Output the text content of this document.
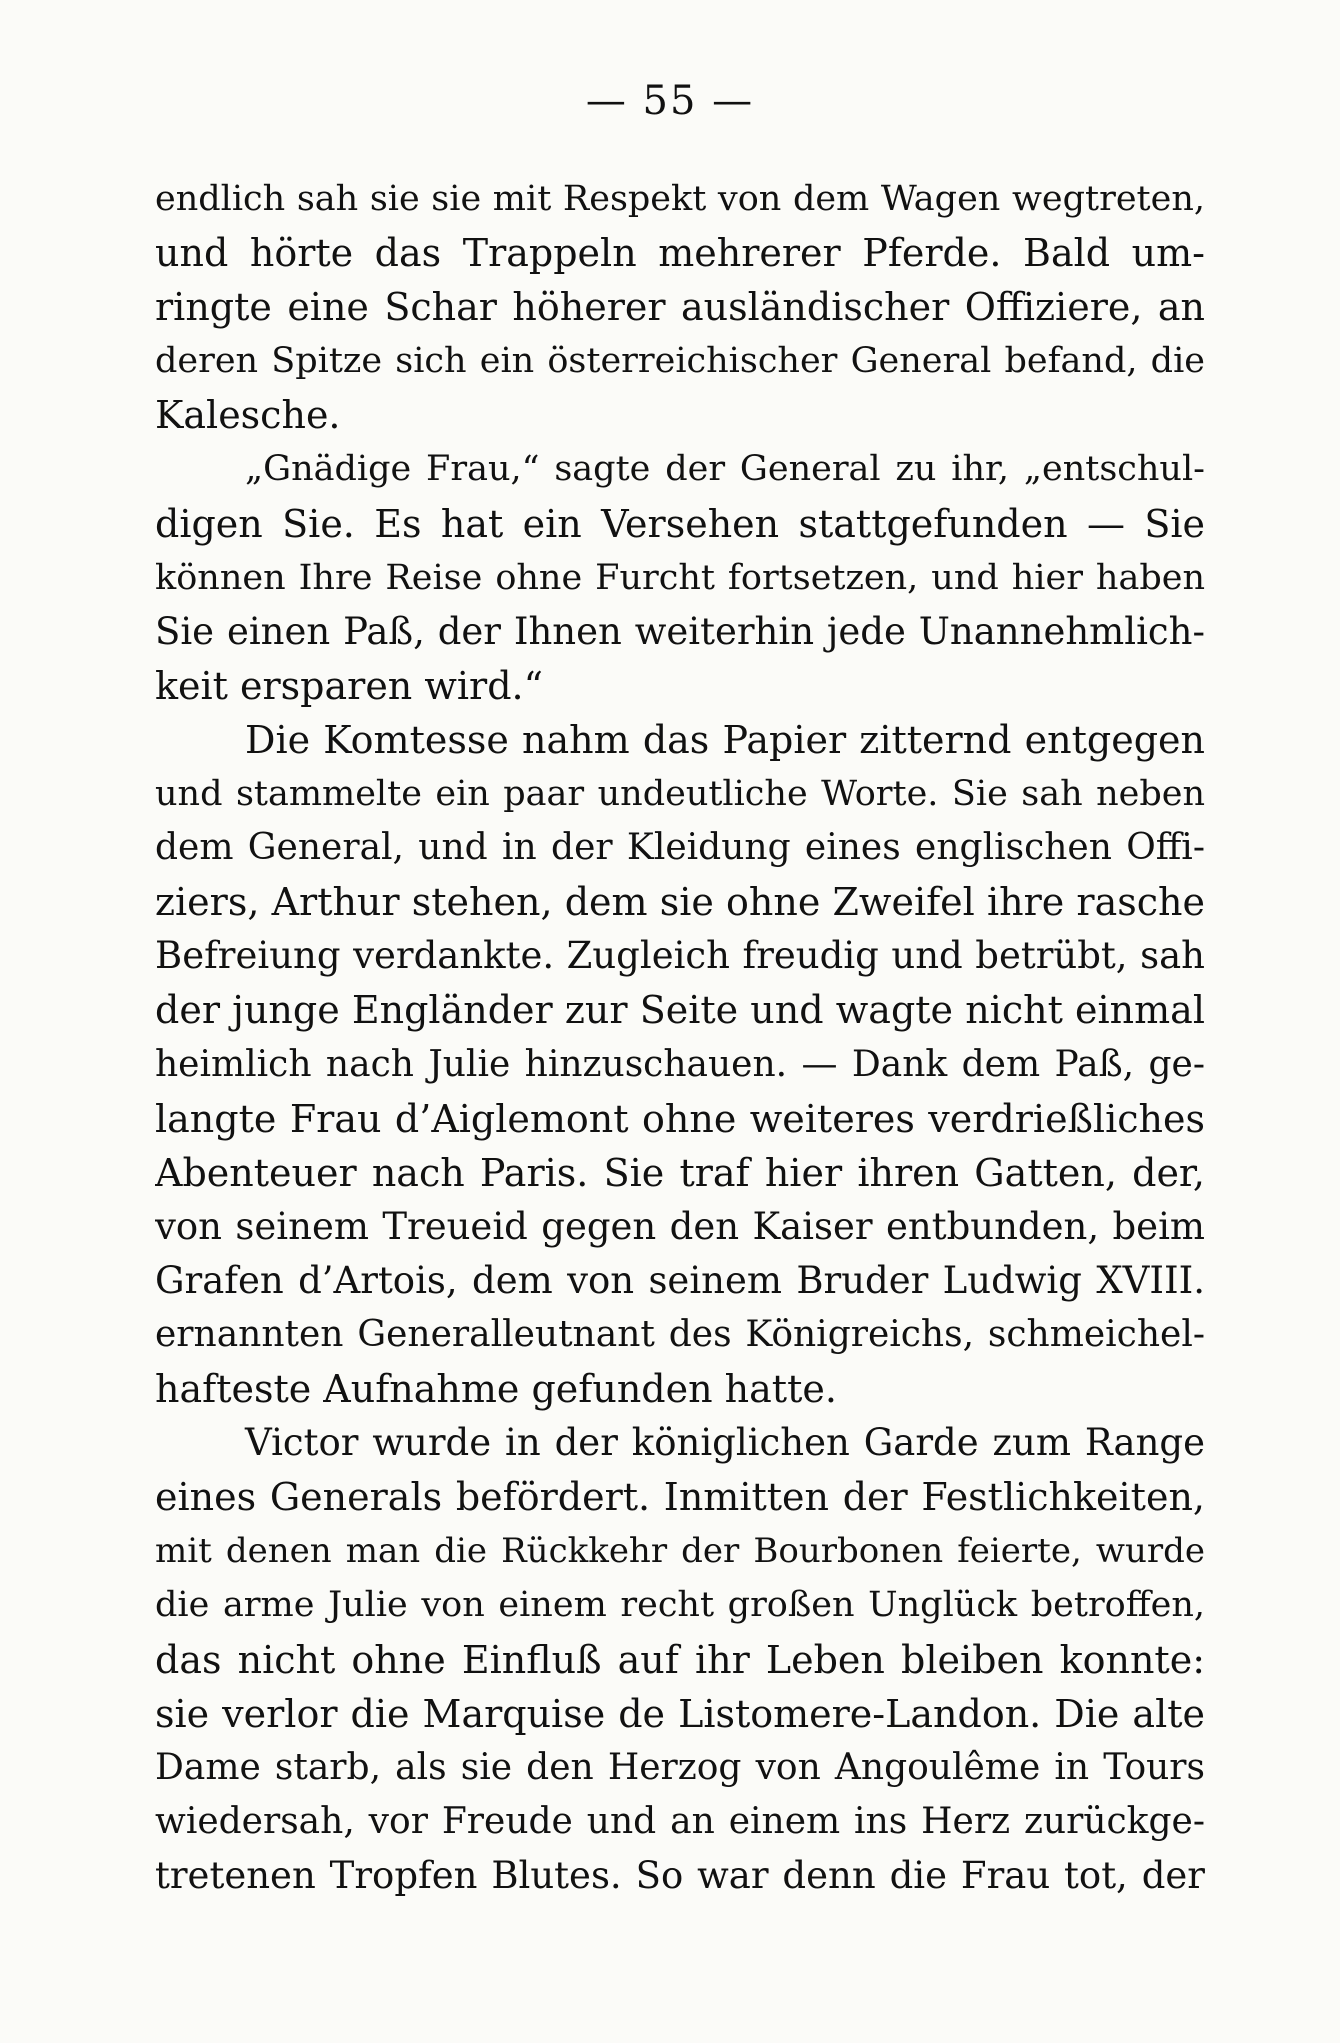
— 55 —
endlich sah sie sie mit Respekt von dem Wagen wegtreten,
und hörte das Trappeln mehrerer Pferde. Bald um-
ringte eine Schar höherer ausländischer Offiziere, an
deren Spitze sich ein österreichischer General befand, die
Kalesche.
„Gnädige Frau,“ sagte der General zu ihr, „entschul-
digen Sie. Es hat ein Versehen stattgefunden — Sie
können Ihre Reise ohne Furcht fortsetzen, und hier haben
Sie einen Paß, der Ihnen weiterhin jede Unannehmlich-
keit ersparen wird.“
Die Komtesse nahm das Papier zitternd entgegen
und stammelte ein paar undeutliche Worte. Sie sah neben
dem General, und in der Kleidung eines englischen Offi-
ziers, Arthur stehen, dem sie ohne Zweifel ihre rasche
Befreiung verdankte. Zugleich freudig und betrübt, sah
der junge Engländer zur Seite und wagte nicht einmal
heimlich nach Julie hinzuschauen. — Dank dem Paß, ge-
langte Frau d’Aiglemont ohne weiteres verdrießliches
Abenteuer nach Paris. Sie traf hier ihren Gatten, der,
von seinem Treueid gegen den Kaiser entbunden, beim
Grafen d’Artois, dem von seinem Bruder Ludwig XVIII.
ernannten Generalleutnant des Königreichs, schmeichel-
hafteste Aufnahme gefunden hatte.
Victor wurde in der königlichen Garde zum Range
eines Generals befördert. Inmitten der Festlichkeiten,
mit denen man die Rückkehr der Bourbonen feierte, wurde
die arme Julie von einem recht großen Unglück betroffen,
das nicht ohne Einfluß auf ihr Leben bleiben konnte:
sie verlor die Marquise de Listomere-Landon. Die alte
Dame starb, als sie den Herzog von Angoulême in Tours
wiedersah, vor Freude und an einem ins Herz zurückge-
tretenen Tropfen Blutes. So war denn die Frau tot, der
